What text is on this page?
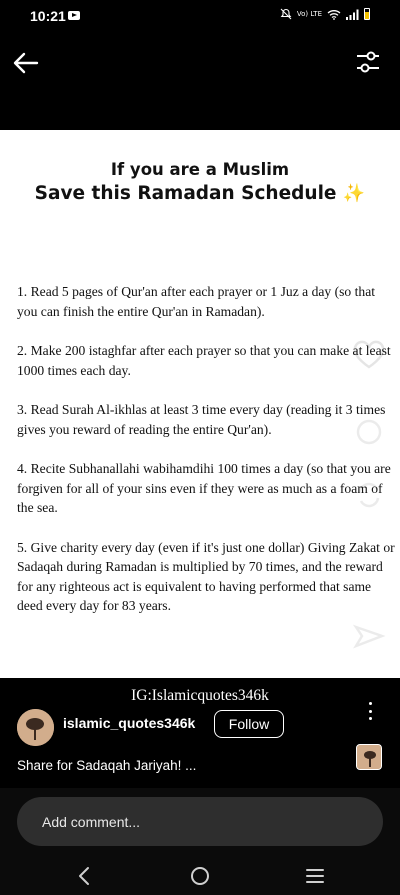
10:21	Vo) LTE
If you are a Muslim
Save this Ramadan Schedule ✨

1. Read 5 pages of Qur'an after each prayer or 1 Juz a day (so that you can finish the entire Qur'an in Ramadan).

2. Make 200 istaghfar after each prayer so that you can make at least 1000 times each day.

3. Read Surah Al-ikhlas at least 3 time every day (reading it 3 times gives you reward of reading the entire Qur'an).

4. Recite Subhanallahi wabihamdihi 100 times a day (so that you are forgiven for all of your sins even if they were as much as a foam of the sea.

5. Give charity every day (even if it's just one dollar) Giving Zakat or Sadaqah during Ramadan is multiplied by 70 times, and the reward for any righteous act is equivalent to having performed that same deed every day for 83 years.

IG:Islamicquotes346k
islamic_quotes346k	Follow
Share for Sadaqah Jariyah! ...
Add comment...
